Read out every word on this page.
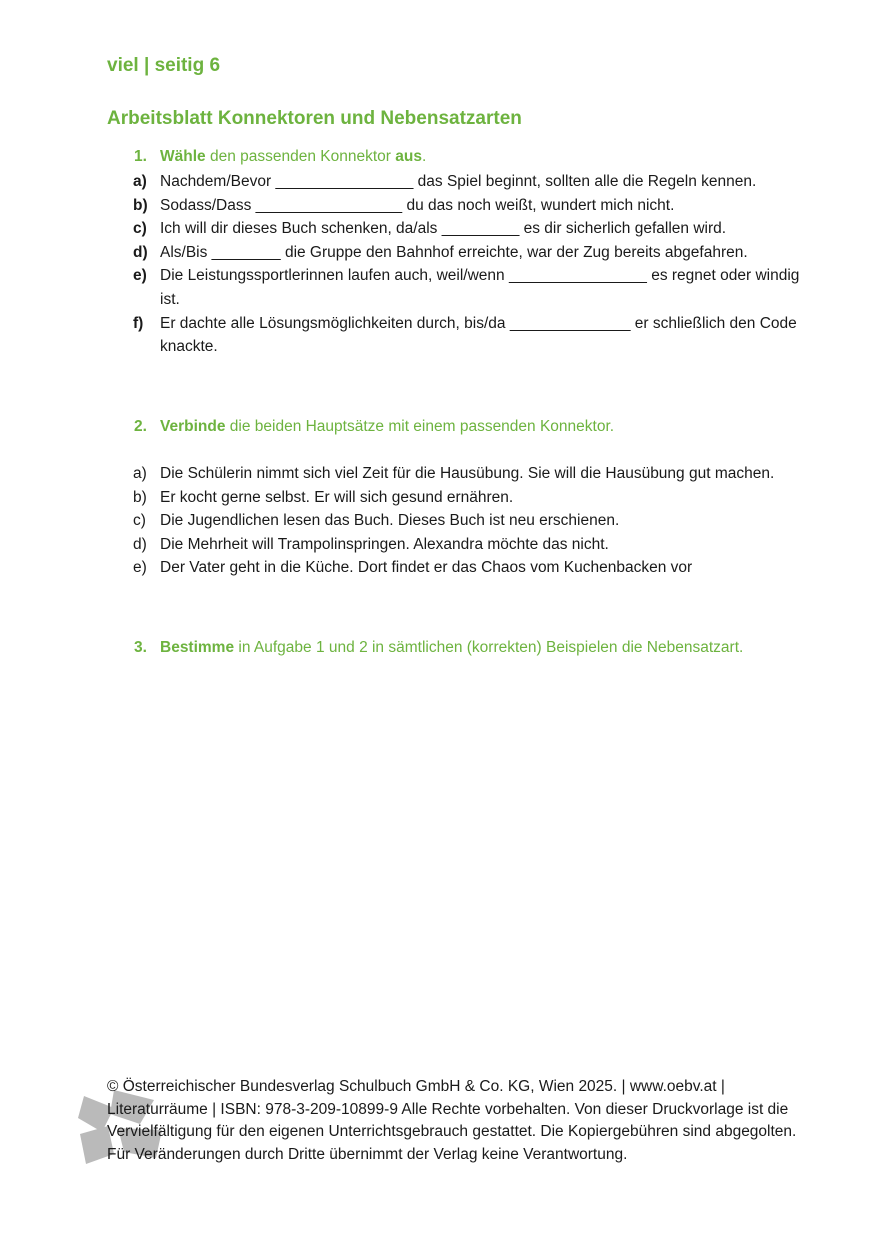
viel | seitig 6
Arbeitsblatt Konnektoren und Nebensatzarten
1. Wähle den passenden Konnektor aus.
a) Nachdem/Bevor ________________ das Spiel beginnt, sollten alle die Regeln kennen.
b) Sodass/Dass _________________ du das noch weißt, wundert mich nicht.
c) Ich will dir dieses Buch schenken, da/als _________ es dir sicherlich gefallen wird.
d) Als/Bis ________ die Gruppe den Bahnhof erreichte, war der Zug bereits abgefahren.
e) Die Leistungssportlerinnen laufen auch, weil/wenn ________________ es regnet oder windig ist.
f)	Er dachte alle Lösungsmöglichkeiten durch, bis/da ______________ er schließlich den Code knackte.
2. Verbinde die beiden Hauptsätze mit einem passenden Konnektor.
a) Die Schülerin nimmt sich viel Zeit für die Hausübung. Sie will die Hausübung gut machen.
b) Er kocht gerne selbst. Er will sich gesund ernähren.
c) Die Jugendlichen lesen das Buch. Dieses Buch ist neu erschienen.
d) Die Mehrheit will Trampolinspringen. Alexandra möchte das nicht.
e) Der Vater geht in die Küche. Dort findet er das Chaos vom Kuchenbacken vor
3. Bestimme in Aufgabe 1 und 2 in sämtlichen (korrekten) Beispielen die Nebensatzart.
© Österreichischer Bundesverlag Schulbuch GmbH & Co. KG, Wien 2025. | www.oebv.at | Literaturräume | ISBN: 978-3-209-10899-9 Alle Rechte vorbehalten. Von dieser Druckvorlage ist die Vervielfältigung für den eigenen Unterrichtsgebrauch gestattet. Die Kopiergebühren sind abgegolten. Für Veränderungen durch Dritte übernimmt der Verlag keine Verantwortung.
